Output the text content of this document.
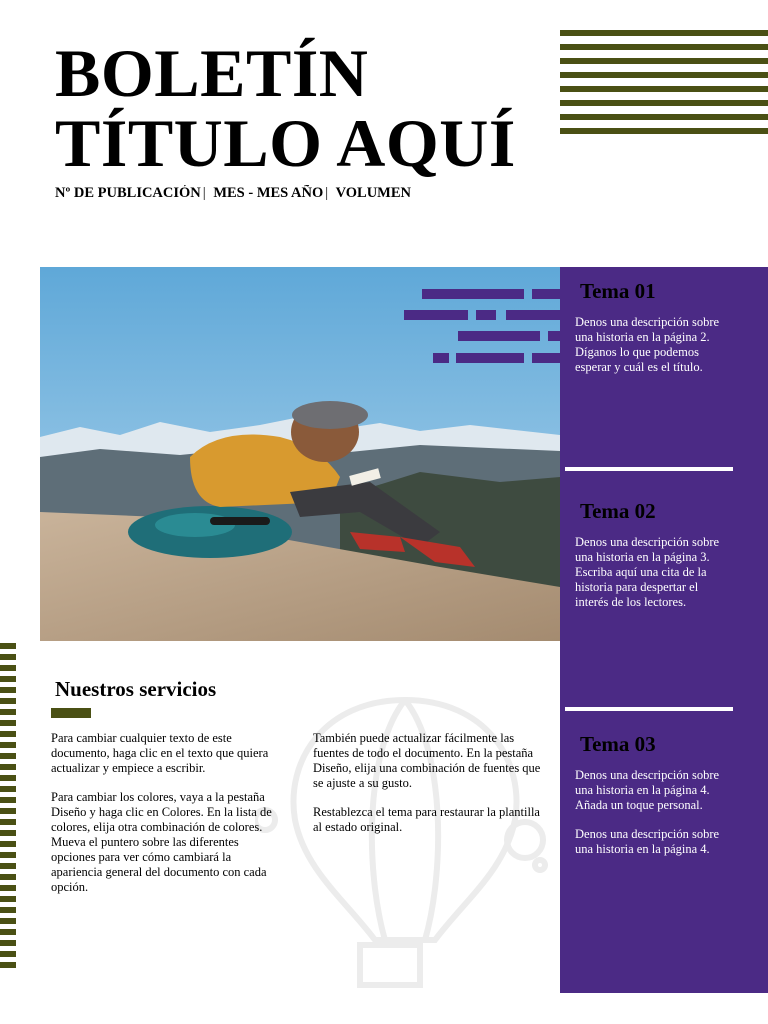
BOLETÍN
TÍTULO AQUÍ
Nº DE PUBLICACIÓN | MES - MES AÑO | VOLUMEN
Tema 01

Denos una descripción sobre una historia en la página 2. Díganos lo que podemos esperar y cuál es el título.

Tema 02

Denos una descripción sobre una historia en la página 3. Escriba aquí una cita de la historia para despertar el interés de los lectores.

Tema 03

Denos una descripción sobre una historia en la página 4. Añada un toque personal.

Denos una descripción sobre una historia en la página 4.

Nuestros servicios

Para cambiar cualquier texto de este documento, haga clic en el texto que quiera actualizar y empiece a escribir.

Para cambiar los colores, vaya a la pestaña Diseño y haga clic en Colores. En la lista de colores, elija otra combinación de colores. Mueva el puntero sobre las diferentes opciones para ver cómo cambiará la apariencia general del documento con cada opción.

También puede actualizar fácilmente las fuentes de todo el documento. En la pestaña Diseño, elija una combinación de fuentes que se ajuste a su gusto.

Restablezca el tema para restaurar la plantilla al estado original.
